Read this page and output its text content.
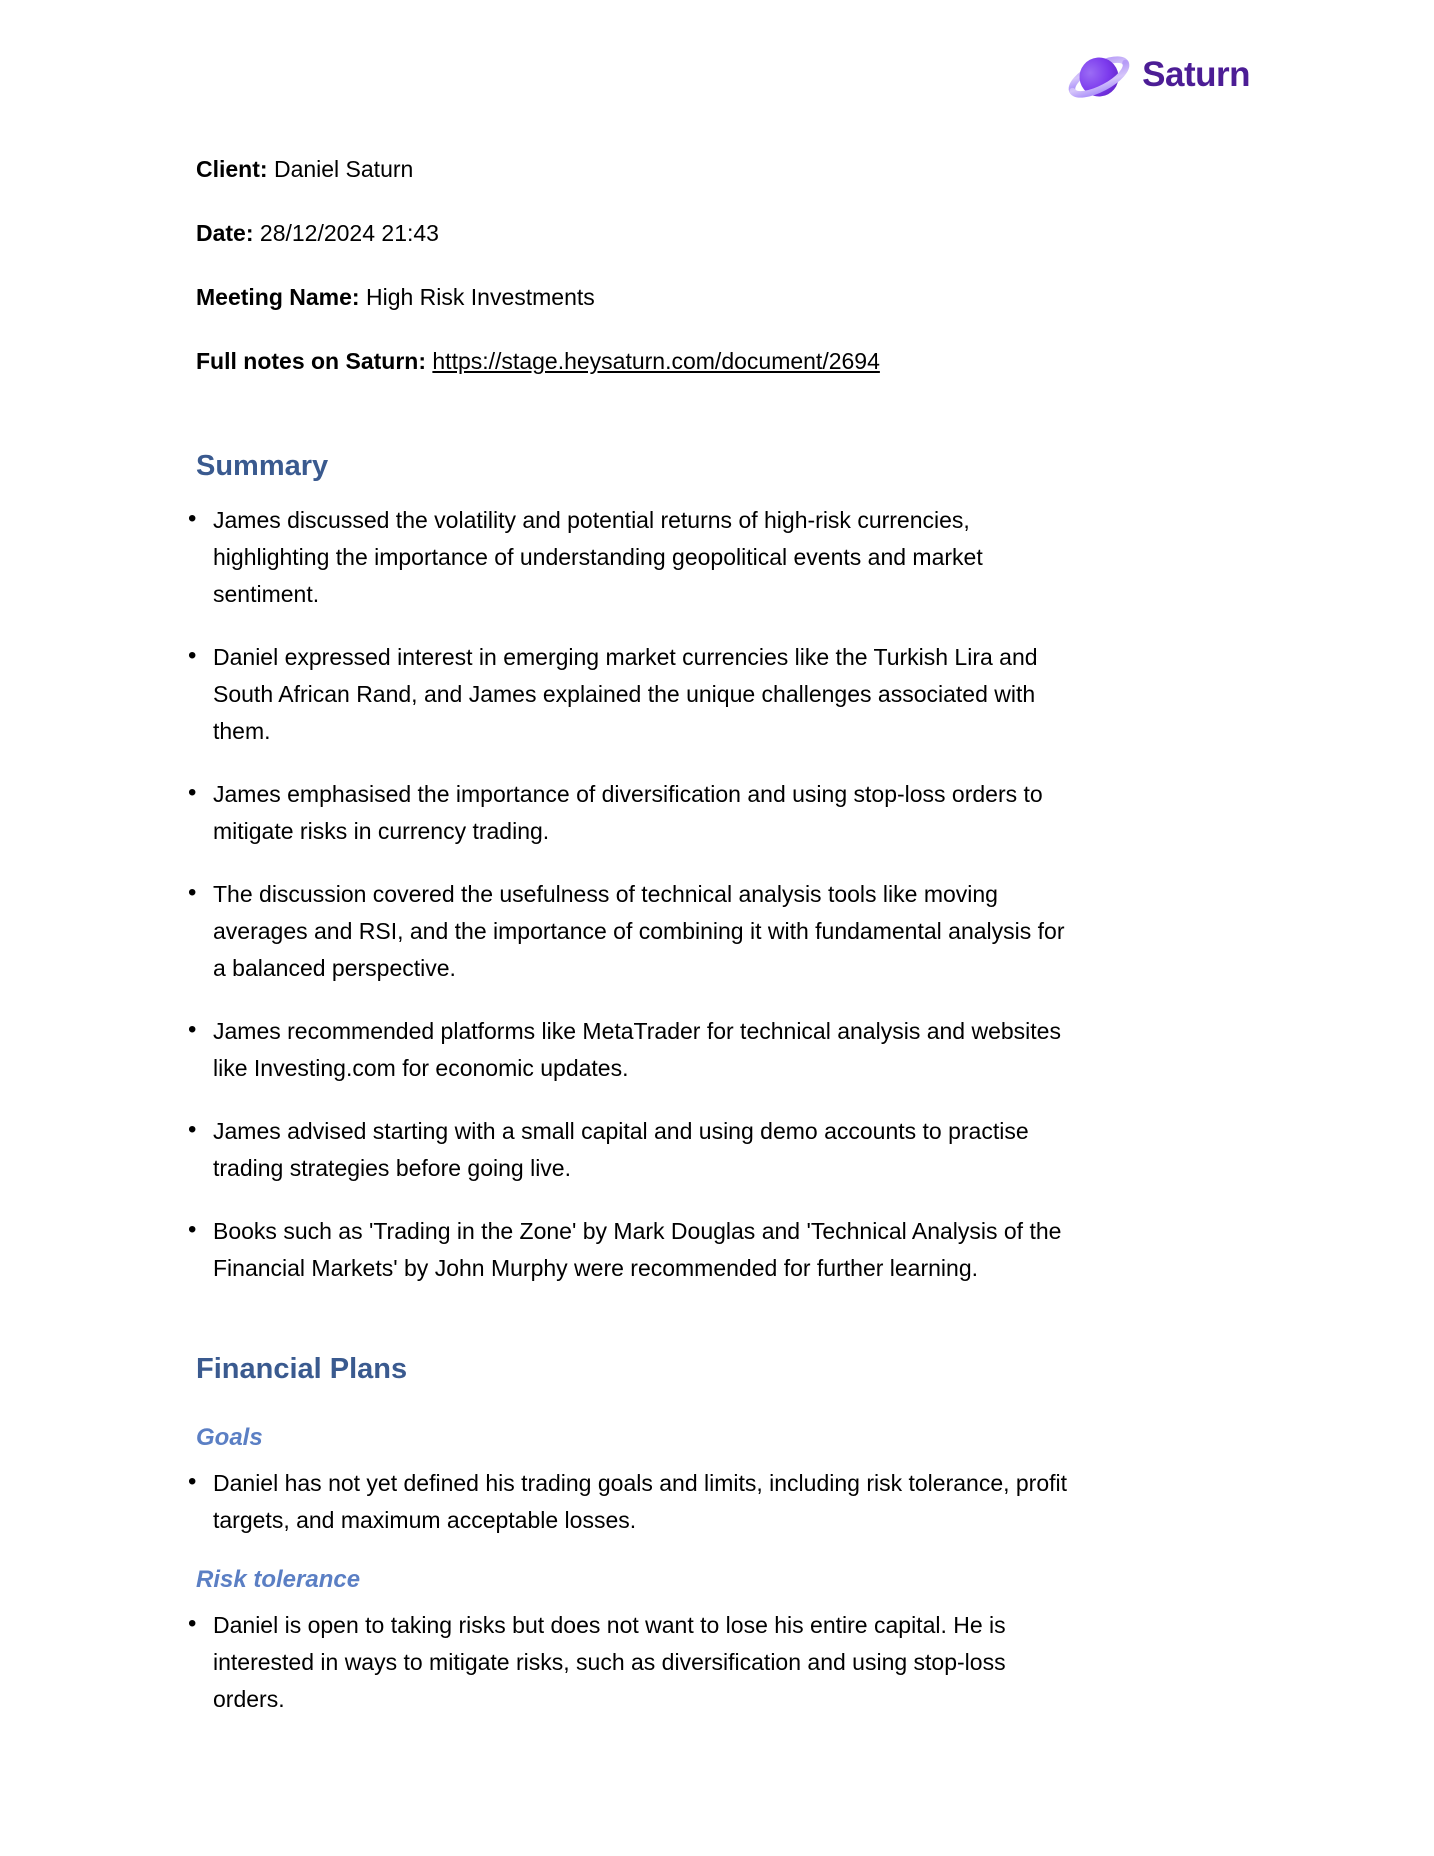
Saturn
Client: Daniel Saturn
Date: 28/12/2024 21:43
Meeting Name: High Risk Investments
Full notes on Saturn: https://stage.heysaturn.com/document/2694
Summary
• James discussed the volatility and potential returns of high-risk currencies, highlighting the importance of understanding geopolitical events and market sentiment.
• Daniel expressed interest in emerging market currencies like the Turkish Lira and South African Rand, and James explained the unique challenges associated with them.
• James emphasised the importance of diversification and using stop-loss orders to mitigate risks in currency trading.
• The discussion covered the usefulness of technical analysis tools like moving averages and RSI, and the importance of combining it with fundamental analysis for a balanced perspective.
• James recommended platforms like MetaTrader for technical analysis and websites like Investing.com for economic updates.
• James advised starting with a small capital and using demo accounts to practise trading strategies before going live.
• Books such as 'Trading in the Zone' by Mark Douglas and 'Technical Analysis of the Financial Markets' by John Murphy were recommended for further learning.
Financial Plans
Goals
• Daniel has not yet defined his trading goals and limits, including risk tolerance, profit targets, and maximum acceptable losses.
Risk tolerance
• Daniel is open to taking risks but does not want to lose his entire capital. He is interested in ways to mitigate risks, such as diversification and using stop-loss orders.
